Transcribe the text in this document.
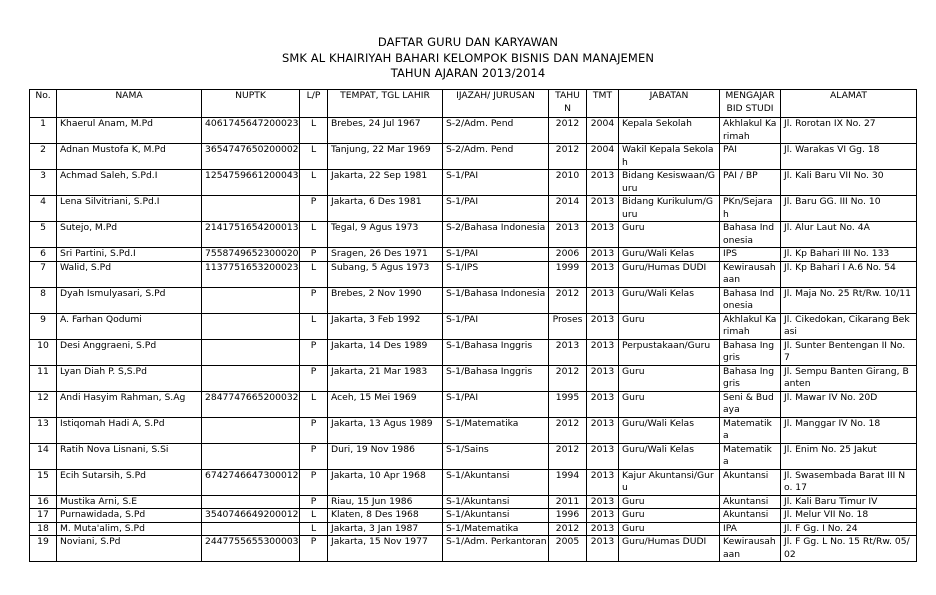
DAFTAR GURU DAN KARYAWAN
SMK AL KHAIRIYAH BAHARI KELOMPOK BISNIS DAN MANAJEMEN
TAHUN AJARAN 2013/2014
No.	NAMA	NUPTK	L/P	TEMPAT, TGL LAHIR	IJAZAH/ JURUSAN	TAHUN	TMT	JABATAN	MENGAJAR BID STUDI	ALAMAT
1	Khaerul Anam, M.Pd	4061745647200023	L	Brebes, 24 Jul 1967	S-2/Adm. Pend	2012	2004	Kepala Sekolah	Akhlakul Karimah	Jl. Rorotan IX No. 27
2	Adnan Mustofa K, M.Pd	3654747650200002	L	Tanjung, 22 Mar 1969	S-2/Adm. Pend	2012	2004	Wakil Kepala Sekolah	PAI	Jl. Warakas VI Gg. 18
3	Achmad Saleh, S.Pd.I	1254759661200043	L	Jakarta, 22 Sep 1981	S-1/PAI	2010	2013	Bidang Kesiswaan/Guru	PAI / BP	Jl. Kali Baru VII No. 30
4	Lena Silvitriani, S.Pd.I		P	Jakarta, 6 Des 1981	S-1/PAI	2014	2013	Bidang Kurikulum/Guru	PKn/Sejarah	Jl. Baru GG. III No. 10
5	Sutejo, M.Pd	2141751654200013	L	Tegal, 9 Agus 1973	S-2/Bahasa Indonesia	2013	2013	Guru	Bahasa Indonesia	Jl. Alur Laut No. 4A
6	Sri Partini, S.Pd.I	7558749652300020	P	Sragen, 26 Des 1971	S-1/PAI	2006	2013	Guru/Wali Kelas	IPS	Jl. Kp Bahari III No. 133
7	Walid, S.Pd	1137751653200023	L	Subang, 5 Agus 1973	S-1/IPS	1999	2013	Guru/Humas DUDI	Kewirausahaan	Jl. Kp Bahari I A.6 No. 54
8	Dyah Ismulyasari, S.Pd		P	Brebes, 2 Nov 1990	S-1/Bahasa Indonesia	2012	2013	Guru/Wali Kelas	Bahasa Indonesia	Jl. Maja No. 25 Rt/Rw. 10/11
9	A. Farhan Qodumi		L	Jakarta, 3 Feb 1992	S-1/PAI	Proses	2013	Guru	Akhlakul Karimah	Jl. Cikedokan, Cikarang Bekasi
10	Desi Anggraeni, S.Pd		P	Jakarta, 14 Des 1989	S-1/Bahasa Inggris	2013	2013	Perpustakaan/Guru	Bahasa Inggris	Jl. Sunter Bentengan II No. 7
11	Lyan Diah P. S,S.Pd		P	Jakarta, 21 Mar 1983	S-1/Bahasa Inggris	2012	2013	Guru	Bahasa Inggris	Jl. Sempu Banten Girang, Banten
12	Andi Hasyim Rahman, S.Ag	2847747665200032	L	Aceh, 15 Mei 1969	S-1/PAI	1995	2013	Guru	Seni & Budaya	Jl. Mawar IV No. 20D
13	Istiqomah Hadi A, S.Pd		P	Jakarta, 13 Agus 1989	S-1/Matematika	2012	2013	Guru/Wali Kelas	Matematika	Jl. Manggar IV No. 18
14	Ratih Nova Lisnani, S.Si		P	Duri, 19 Nov 1986	S-1/Sains	2012	2013	Guru/Wali Kelas	Matematika	Jl. Enim No. 25 Jakut
15	Ecih Sutarsih, S.Pd	6742746647300012	P	Jakarta, 10 Apr 1968	S-1/Akuntansi	1994	2013	Kajur Akuntansi/Guru	Akuntansi	Jl. Swasembada Barat III No. 17
16	Mustika Arni, S.E		P	Riau, 15 Jun 1986	S-1/Akuntansi	2011	2013	Guru	Akuntansi	Jl. Kali Baru Timur IV
17	Purnawidada, S.Pd	3540746649200012	L	Klaten, 8 Des 1968	S-1/Akuntansi	1996	2013	Guru	Akuntansi	Jl. Melur VII No. 18
18	M. Muta'alim, S.Pd		L	Jakarta, 3 Jan 1987	S-1/Matematika	2012	2013	Guru	IPA	Jl. F Gg. I No. 24
19	Noviani, S.Pd	2447755655300003	P	Jakarta, 15 Nov 1977	S-1/Adm. Perkantoran	2005	2013	Guru/Humas DUDI	Kewirausahaan	Jl. F Gg. L No. 15 Rt/Rw. 05/02
